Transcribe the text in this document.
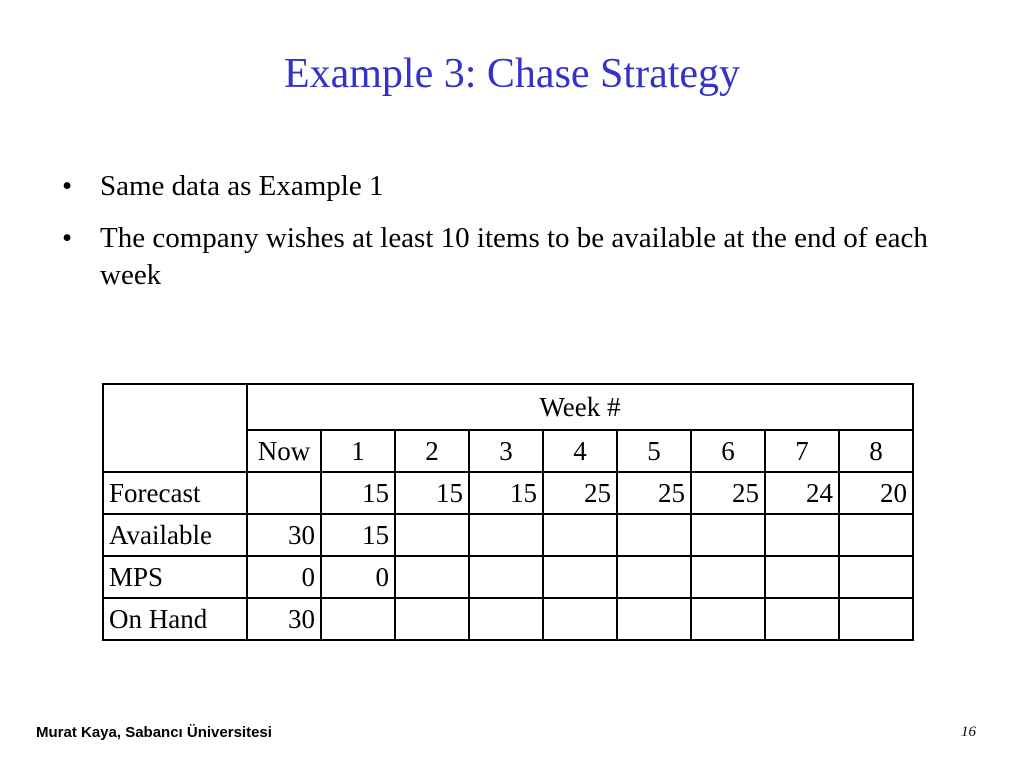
Example 3: Chase Strategy
• Same data as Example 1
• The company wishes at least 10 items to be available at the end of each week
	Week #								
	Now	1	2	3	4	5	6	7	8
Forecast		15	15	15	25	25	25	24	20
Available	30	15							
MPS	0	0							
On Hand	30								
Murat Kaya, Sabancı Üniversitesi	16
